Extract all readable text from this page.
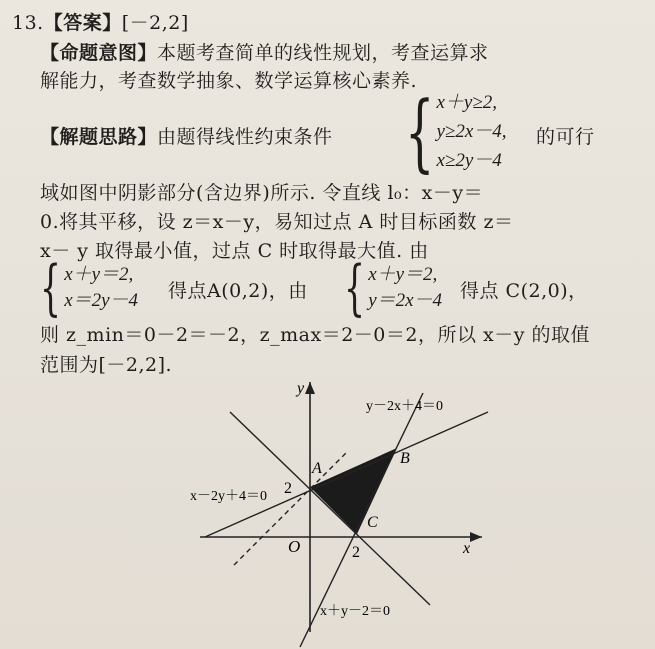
13.【答案】[－2,2]
【命题意图】本题考查简单的线性规划，考查运算求
解能力，考查数学抽象、数学运算核心素养.
【解题思路】由题得线性约束条件 { x＋y≥2,
y≥2x－4,
x≥2y－4
的可行
域如图中阴影部分(含边界)所示. 令直线 l₀：x－y＝
0.将其平移，设 z＝x－y，易知过点 A 时目标函数 z＝
x－ y 取得最小值，过点 C 时取得最大值. 由
{ x＋y＝2,
x＝2y－4 得点A(0,2)，由 { x＋y＝2,
y＝2x－4 得点 C(2,0)，
则 z_min＝0－2＝－2，z_max＝2－0＝2，所以 x－y 的取值
范围为[－2,2].
y
x
O
2
2
A
B
C
y－2x＋4＝0
x－2y＋4＝0
x＋y－2＝0
